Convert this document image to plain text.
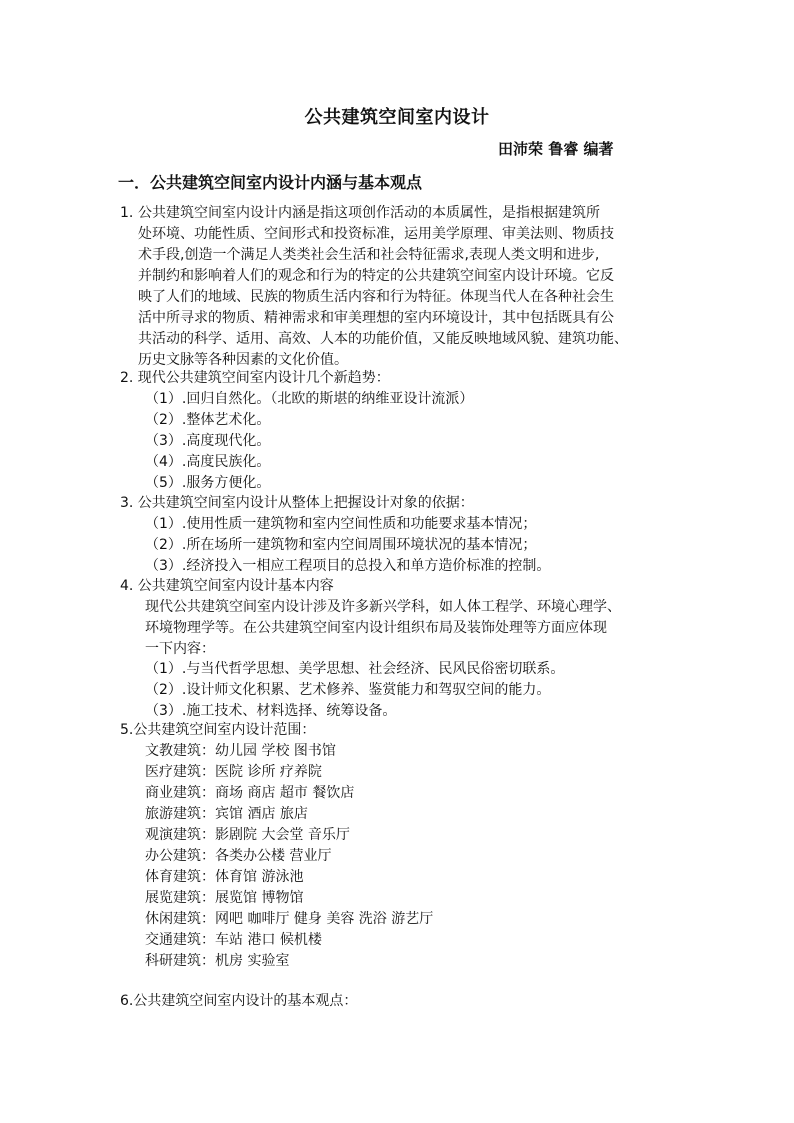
公共建筑空间室内设计
田沛荣 鲁睿 编著
一．公共建筑空间室内设计内涵与基本观点
1. 公共建筑空间室内设计内涵是指这项创作活动的本质属性，是指根据建筑所
处环境、功能性质、空间形式和投资标准，运用美学原理、审美法则、物质技
术手段,创造一个满足人类类社会生活和社会特征需求,表现人类文明和进步,
并制约和影响着人们的观念和行为的特定的公共建筑空间室内设计环境。它反
映了人们的地域、民族的物质生活内容和行为特征。体现当代人在各种社会生
活中所寻求的物质、精神需求和审美理想的室内环境设计，其中包括既具有公
共活动的科学、适用、高效、人本的功能价值，又能反映地域风貌、建筑功能、
历史文脉等各种因素的文化价值。

2. 现代公共建筑空间室内设计几个新趋势：

（1）.回归自然化。（北欧的斯堪的纳维亚设计流派）
（2）.整体艺术化。
（3）.高度现代化。
（4）.高度民族化。
（5）.服务方便化。

3. 公共建筑空间室内设计从整体上把握设计对象的依据：

（1）.使用性质一建筑物和室内空间性质和功能要求基本情况；
（2）.所在场所一建筑物和室内空间周围环境状况的基本情况；
（3）.经济投入一相应工程项目的总投入和单方造价标准的控制。

4. 公共建筑空间室内设计基本内容

现代公共建筑空间室内设计涉及许多新兴学科，如人体工程学、环境心理学、
环境物理学等。在公共建筑空间室内设计组织布局及装饰处理等方面应体现
一下内容：
（1）.与当代哲学思想、美学思想、社会经济、民风民俗密切联系。
（2）.设计师文化积累、艺术修养、鉴赏能力和驾驭空间的能力。
（3）.施工技术、材料选择、统筹设备。

5.公共建筑空间室内设计范围：

文教建筑：幼儿园 学校 图书馆
医疗建筑：医院 诊所 疗养院
商业建筑：商场 商店 超市 餐饮店
旅游建筑：宾馆 酒店 旅店
观演建筑：影剧院 大会堂 音乐厅
办公建筑：各类办公楼 营业厅
体育建筑：体育馆 游泳池
展览建筑：展览馆 博物馆
休闲建筑：网吧 咖啡厅 健身 美容 洗浴 游艺厅
交通建筑：车站 港口 候机楼
科研建筑：机房 实验室

6.公共建筑空间室内设计的基本观点：
